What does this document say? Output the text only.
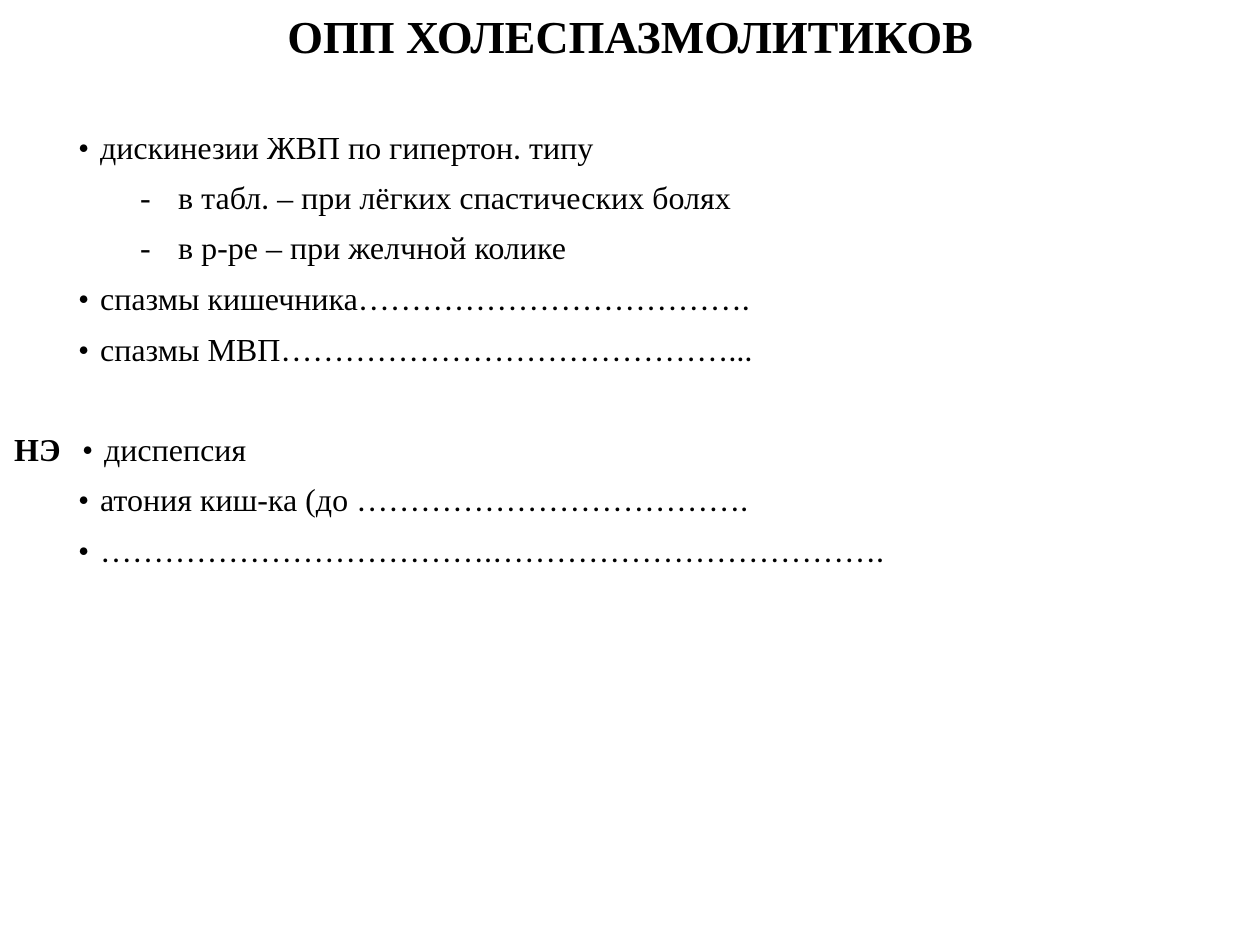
ОПП ХОЛЕСПАЗМОЛИТИКОВ
• дискинезии ЖВП по гипертон. типу
- в табл. – при лёгких спастических болях
- в р-ре – при желчной колике
• спазмы кишечника……………………………….
• спазмы МВП……………………………………...
НЭ • диспепсия
• атония киш-ка (до ……………………………….
• ……………………………….……………………………….
